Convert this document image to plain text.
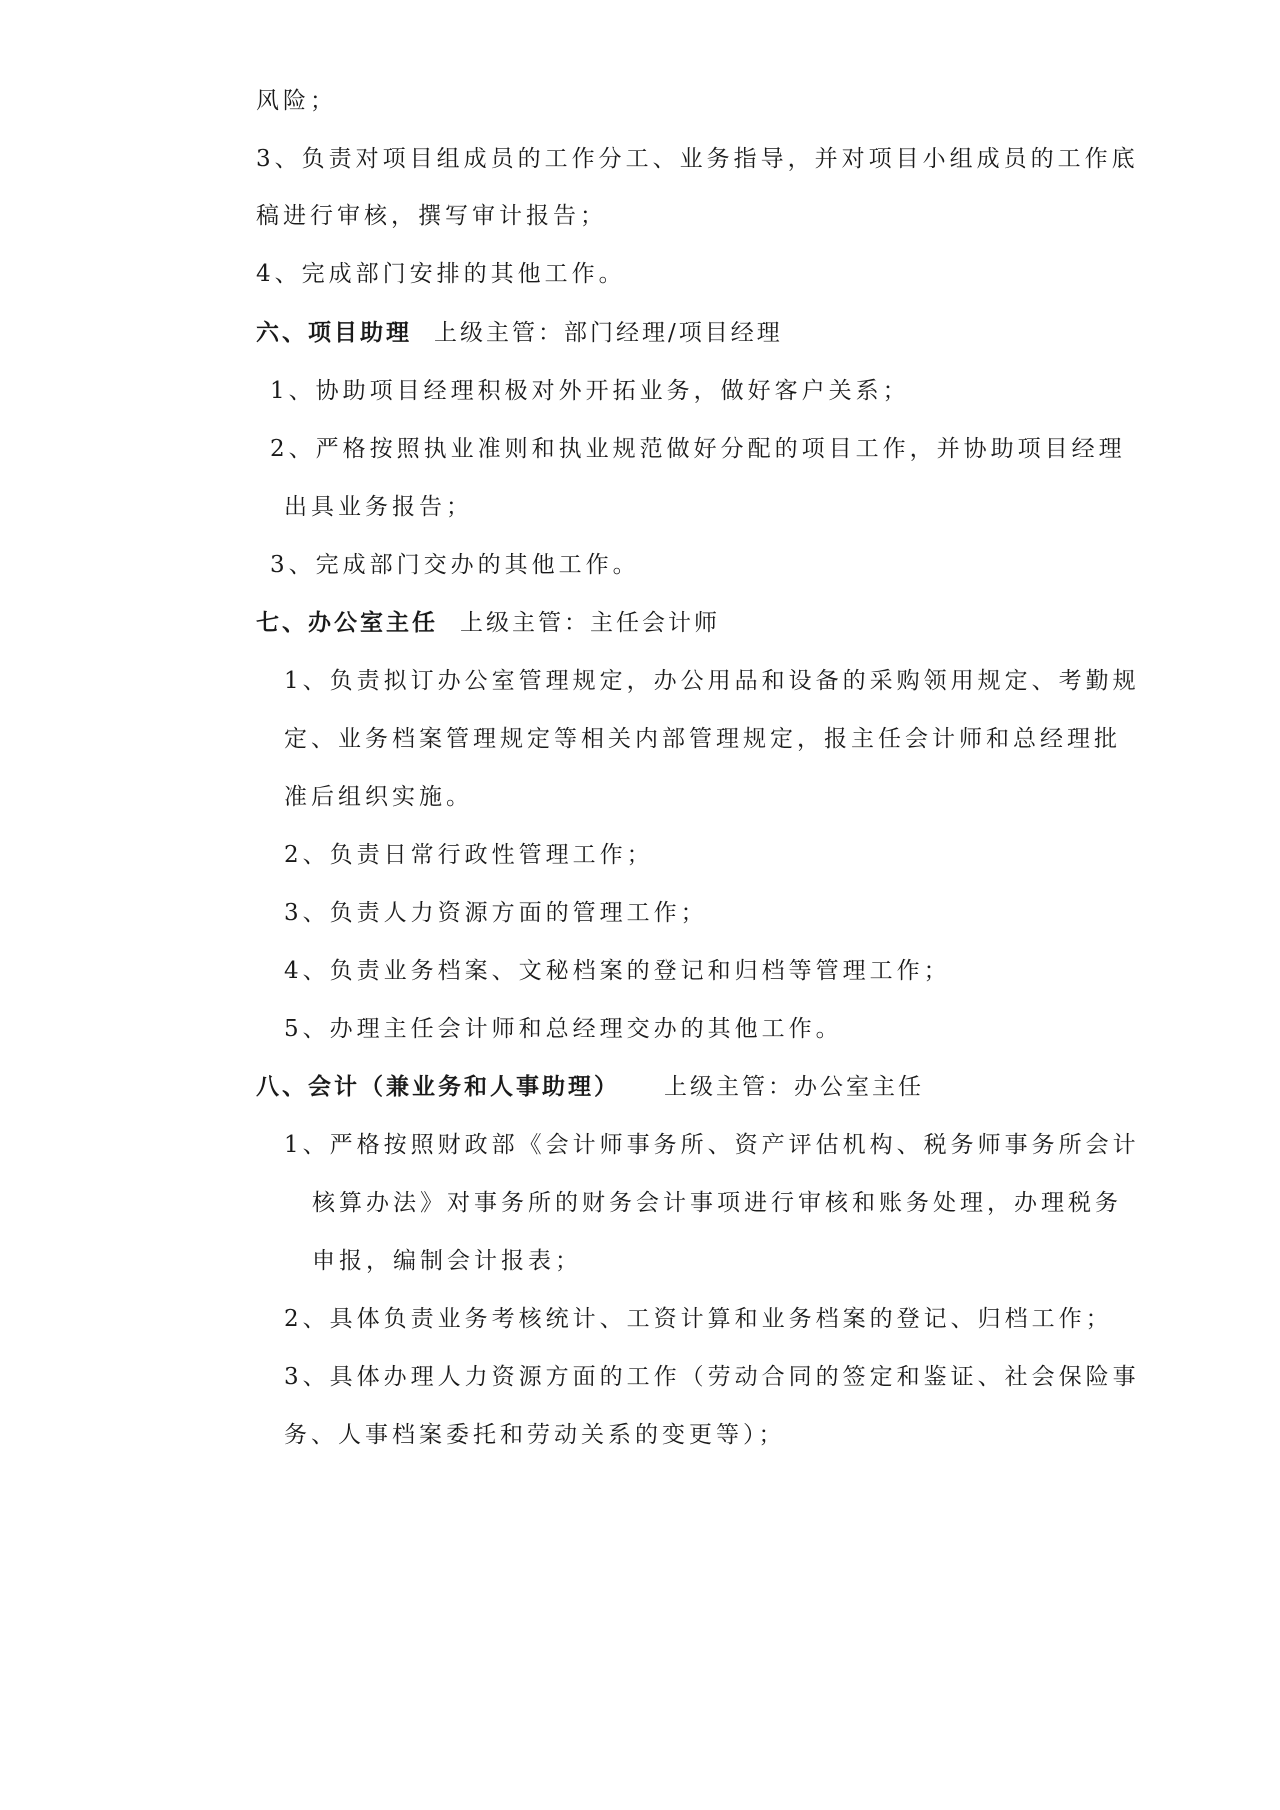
风险；
3、负责对项目组成员的工作分工、业务指导，并对项目小组成员的工作底
稿进行审核，撰写审计报告；
4、完成部门安排的其他工作。
六、项目助理 上级主管：部门经理/项目经理
1、协助项目经理积极对外开拓业务，做好客户关系；
2、严格按照执业准则和执业规范做好分配的项目工作，并协助项目经理
出具业务报告；
3、完成部门交办的其他工作。
七、办公室主任 上级主管：主任会计师
1、负责拟订办公室管理规定，办公用品和设备的采购领用规定、考勤规
定、业务档案管理规定等相关内部管理规定，报主任会计师和总经理批
准后组织实施。
2、负责日常行政性管理工作；
3、负责人力资源方面的管理工作；
4、负责业务档案、文秘档案的登记和归档等管理工作；
5、办理主任会计师和总经理交办的其他工作。
八、会计（兼业务和人事助理） 上级主管：办公室主任
1、严格按照财政部《会计师事务所、资产评估机构、税务师事务所会计
核算办法》对事务所的财务会计事项进行审核和账务处理，办理税务
申报，编制会计报表；
2、具体负责业务考核统计、工资计算和业务档案的登记、归档工作；
3、具体办理人力资源方面的工作（劳动合同的签定和鉴证、社会保险事
务、人事档案委托和劳动关系的变更等）；
